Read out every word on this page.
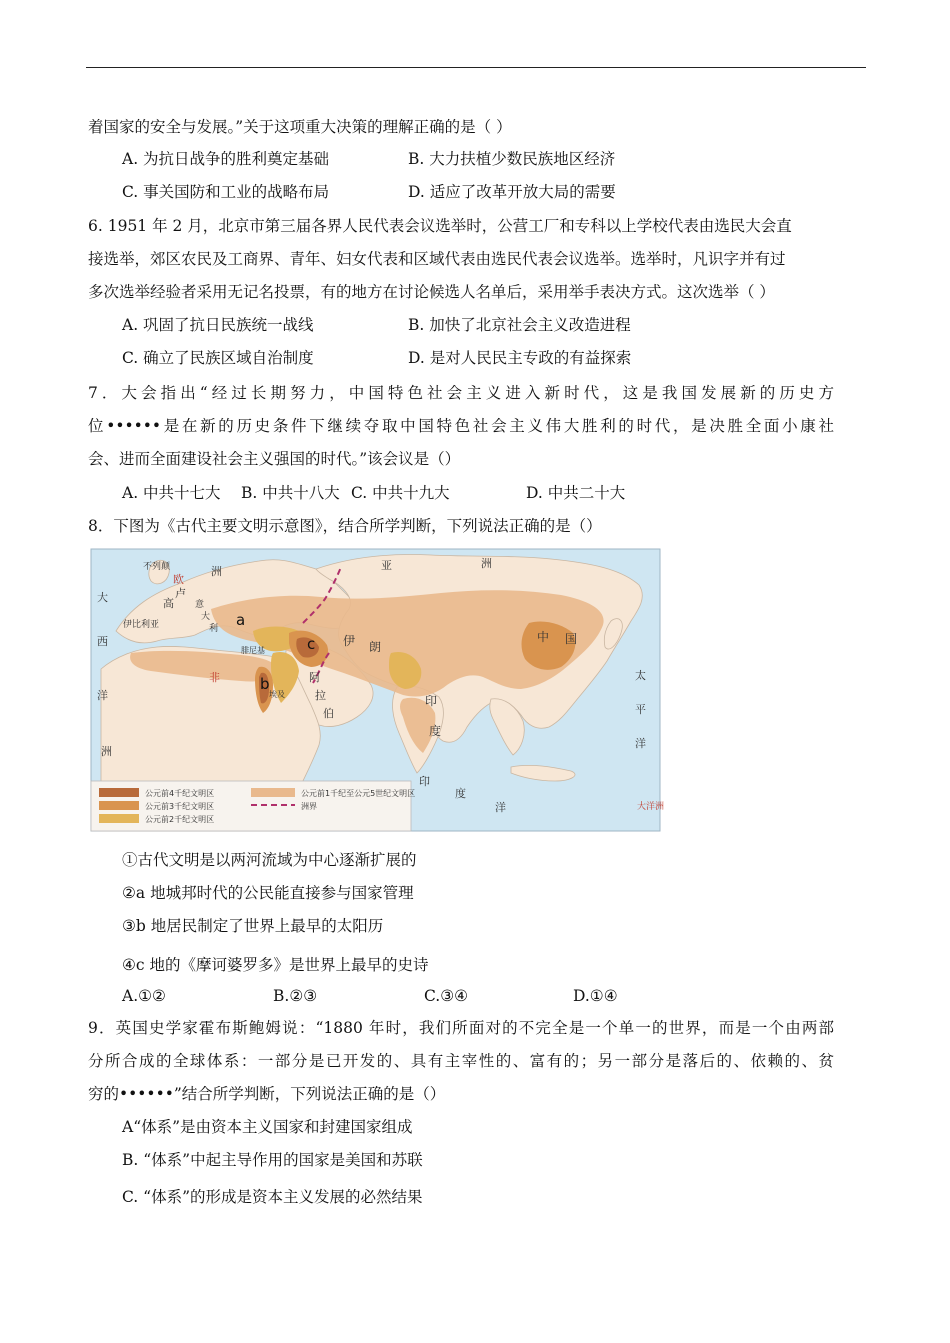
着国家的安全与发展。”关于这项重大决策的理解正确的是（ ）
A. 为抗日战争的胜利奠定基础	B. 大力扶植少数民族地区经济
C. 事关国防和工业的战略布局	D. 适应了改革开放大局的需要
6. 1951 年 2 月，北京市第三届各界人民代表会议选举时，公营工厂和专科以上学校代表由选民大会直
接选举，郊区农民及工商界、青年、妇女代表和区域代表由选民代表会议选举。选举时，凡识字并有过
多次选举经验者采用无记名投票，有的地方在讨论候选人名单后，采用举手表决方式。这次选举（ ）
A. 巩固了抗日民族统一战线	B. 加快了北京社会主义改造进程
C. 确立了民族区域自治制度	D. 是对人民民主专政的有益探索
7．大会指出“经过长期努力，中国特色社会主义进入新时代，这是我国发展新的历史方
位••••••是在新的历史条件下继续夺取中国特色社会主义伟大胜利的时代，是决胜全面小康社
会、进而全面建设社会主义强国的时代。”该会议是（）
A. 中共十七大 B. 中共十八大 C. 中共十九大	D. 中共二十大
8．下图为《古代主要文明示意图》，结合所学判断，下列说法正确的是（）
a
b
c
大
西
洋
不列颠
欧
洲
高
卢
伊比利亚
意
大
利
非
洲
亚	洲
伊 朗
阿
拉
伯
印
度
中 国
太
平
洋
印
度
洋
腓尼基
埃及
大洋洲
公元前4千纪文明区
公元前3千纪文明区
公元前2千纪文明区
公元前1千纪至公元5世纪文明区
洲界
①古代文明是以两河流域为中心逐渐扩展的
②a 地城邦时代的公民能直接参与国家管理
③b 地居民制定了世界上最早的太阳历
④c 地的《摩诃婆罗多》是世界上最早的史诗
A.①②	B.②③	C.③④	D.①④
9．英国史学家霍布斯鲍姆说：“1880 年时，我们所面对的不完全是一个单一的世界，而是一个由两部
分所合成的全球体系：一部分是已开发的、具有主宰性的、富有的；另一部分是落后的、依赖的、贫
穷的••••••”结合所学判断，下列说法正确的是（）
A“体系”是由资本主义国家和封建国家组成
B. “体系”中起主导作用的国家是美国和苏联
C. “体系”的形成是资本主义发展的必然结果
